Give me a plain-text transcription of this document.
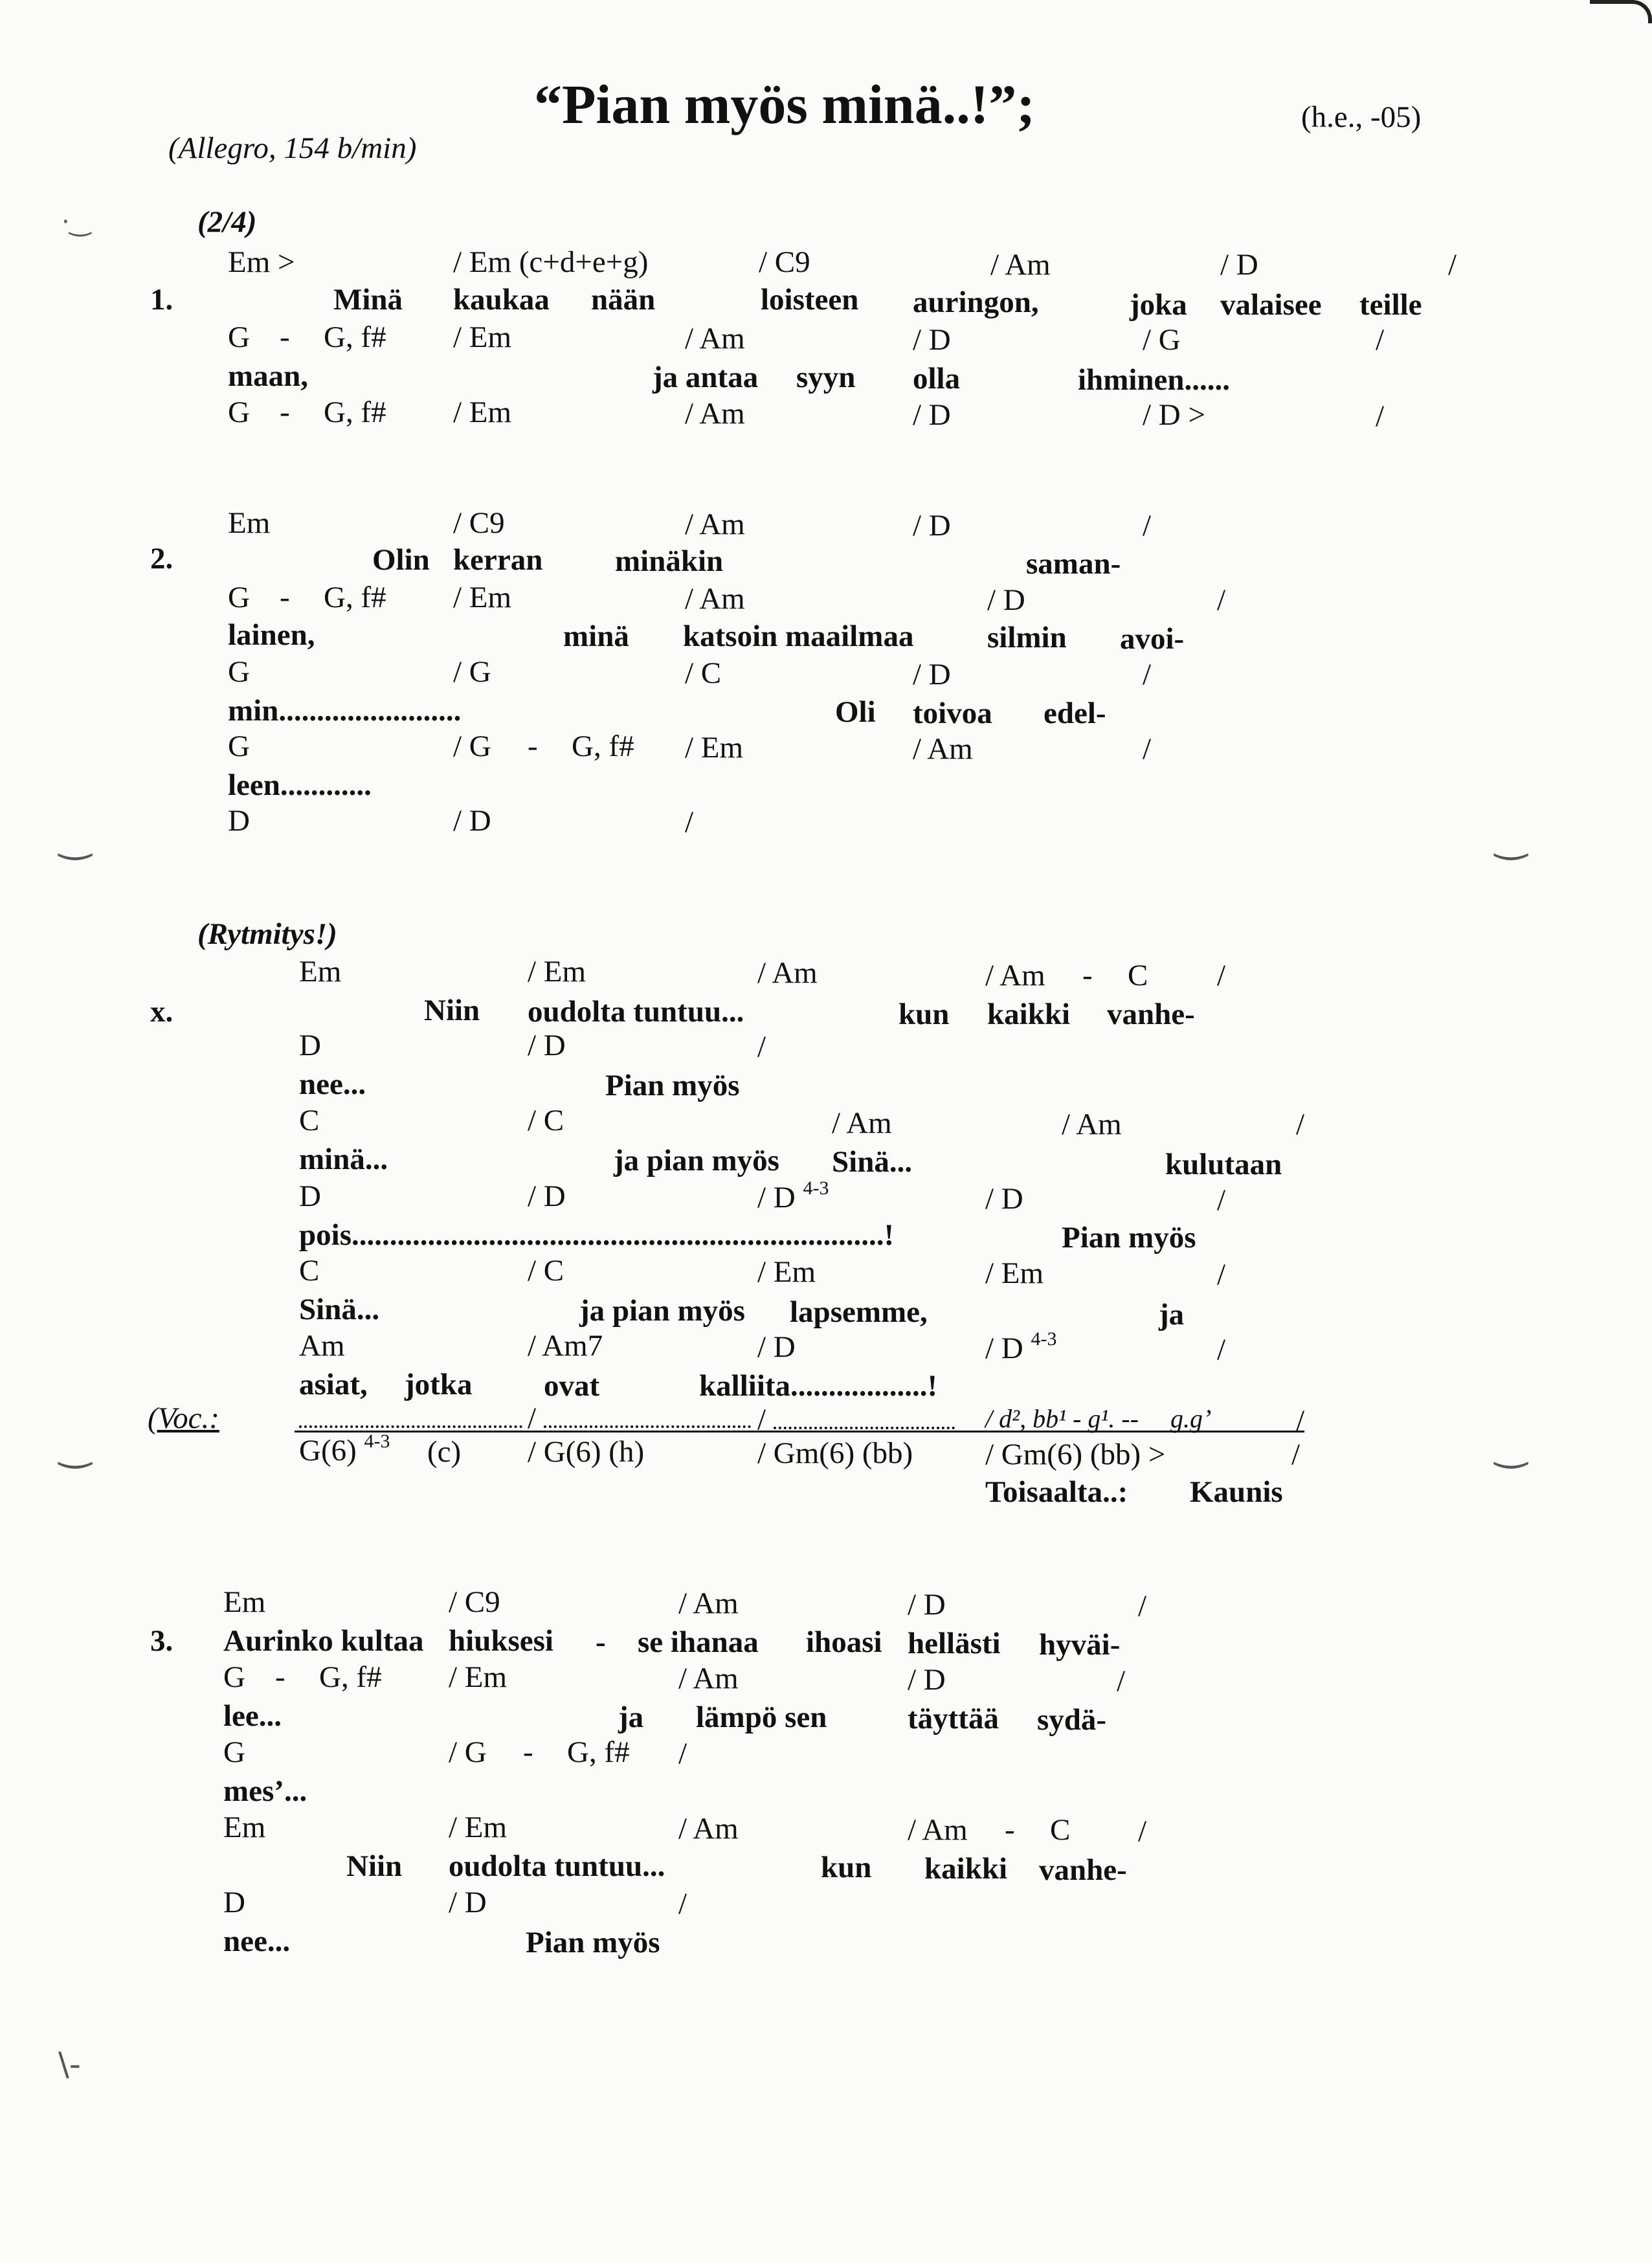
·‿
‿	‿
‿	‿
\-
“Pian myös minä..!”;
(Allegro, 154 b/min)
(h.e., -05)
(2/4)
1.
Em >	/ Em (c+d+e+g)	/ C9	/ Am	/ D	/
Minä kaukaa nään	loisteen auringon,	joka valaisee teille
G - G, f# / Em	/ Am	/ D	/ G	/
maan,	ja antaa syyn olla	ihminen......
G - G, f# / Em	/ Am	/ D	/ D >	/
2.
Em	/ C9	/ Am	/ D	/
Olin kerran minäkin	saman-
G - G, f# / Em	/ Am	/ D	/
lainen,	minä katsoin maailmaa silmin avoi-
G	/ G	/ C	/ D	/
min........................	Oli toivoa edel-
G	/ G - G, f# / Em	/ Am	/
leen............
D	/ D	/
(Rytmitys!)
x.
Em	/ Em	/ Am	/ Am - C /
Niin oudolta tuntuu...	kun kaikki vanhe-
D	/ D	/
nee...	Pian myös
C	/ C	/ Am	/ Am	/
minä...	ja pian myös Sinä...	kulutaan
D	/ D	/ D $^{4-3}$	/ D	/
pois......................................................................!	Pian myös
C	/ C	/ Em	/ Em	/
Sinä...	ja pian myös lapsemme,	ja
Am	/ Am7	/ D	/ D $^{4-3}$	/
asiat, jotka ovat	kalliita..................!
(Voc.:	/	/	/ d², bb¹ - g¹. -- g.g’	/
G(6) $^{4-3}$ (c) / G(6) (h)	/ Gm(6) (bb) / Gm(6) (bb) >	/
Toisaalta..: Kaunis
3.
Em	/ C9	/ Am	/ D	/
Aurinko kultaa hiuksesi - se ihanaa ihoasi hellästi hyväi-
G - G, f# / Em	/ Am	/ D	/
lee...	ja lämpö sen	täyttää sydä-
G	/ G - G, f# /
mes’...
Em	/ Em	/ Am	/ Am - C /
Niin oudolta tuntuu...	kun kaikki vanhe-
D	/ D	/
nee...	Pian myös
